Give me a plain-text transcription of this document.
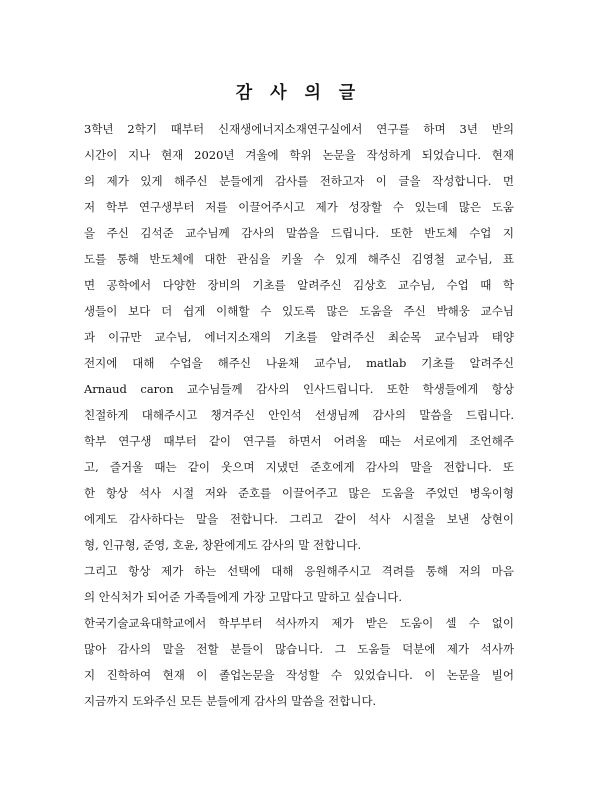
감 사 의 글
3학년 2학기 때부터 신재생에너지소재연구실에서 연구를 하며 3년 반의
시간이 지나 현재 2020년 겨울에 학위 논문을 작성하게 되었습니다. 현재
의 제가 있게 해주신 분들에게 감사를 전하고자 이 글을 작성합니다. 먼
저 학부 연구생부터 저를 이끌어주시고 제가 성장할 수 있는데 많은 도움
을 주신 김석준 교수님께 감사의 말씀을 드립니다. 또한 반도체 수업 지
도를 통해 반도체에 대한 관심을 키울 수 있게 해주신 김영철 교수님, 표
면 공학에서 다양한 장비의 기초를 알려주신 김상호 교수님, 수업 때 학
생들이 보다 더 쉽게 이해할 수 있도록 많은 도움을 주신 박해웅 교수님
과 이규만 교수님, 에너지소재의 기초를 알려주신 최순목 교수님과 태양
전지에 대해 수업을 해주신 나윤채 교수님, matlab 기초를 알려주신
Arnaud caron 교수님들께 감사의 인사드립니다. 또한 학생들에게 항상
친절하게 대해주시고 챙겨주신 안인석 선생님께 감사의 말씀을 드립니다.
학부 연구생 때부터 같이 연구를 하면서 어려울 때는 서로에게 조언해주
고, 즐거울 때는 같이 웃으며 지냈던 준호에게 감사의 말을 전합니다. 또
한 항상 석사 시절 저와 준호를 이끌어주고 많은 도움을 주었던 병욱이형
에게도 감사하다는 말을 전합니다. 그리고 같이 석사 시절을 보낸 상현이
형, 인규형, 준영, 호윤, 창완에게도 감사의 말 전합니다.
그리고 항상 제가 하는 선택에 대해 응원해주시고 격려를 통해 저의 마음
의 안식처가 되어준 가족들에게 가장 고맙다고 말하고 싶습니다.
한국기술교육대학교에서 학부부터 석사까지 제가 받은 도움이 셀 수 없이
많아 감사의 말을 전할 분들이 많습니다. 그 도움들 덕분에 제가 석사까
지 진학하여 현재 이 졸업논문을 작성할 수 있었습니다. 이 논문을 빌어
지금까지 도와주신 모든 분들에게 감사의 말씀을 전합니다.
